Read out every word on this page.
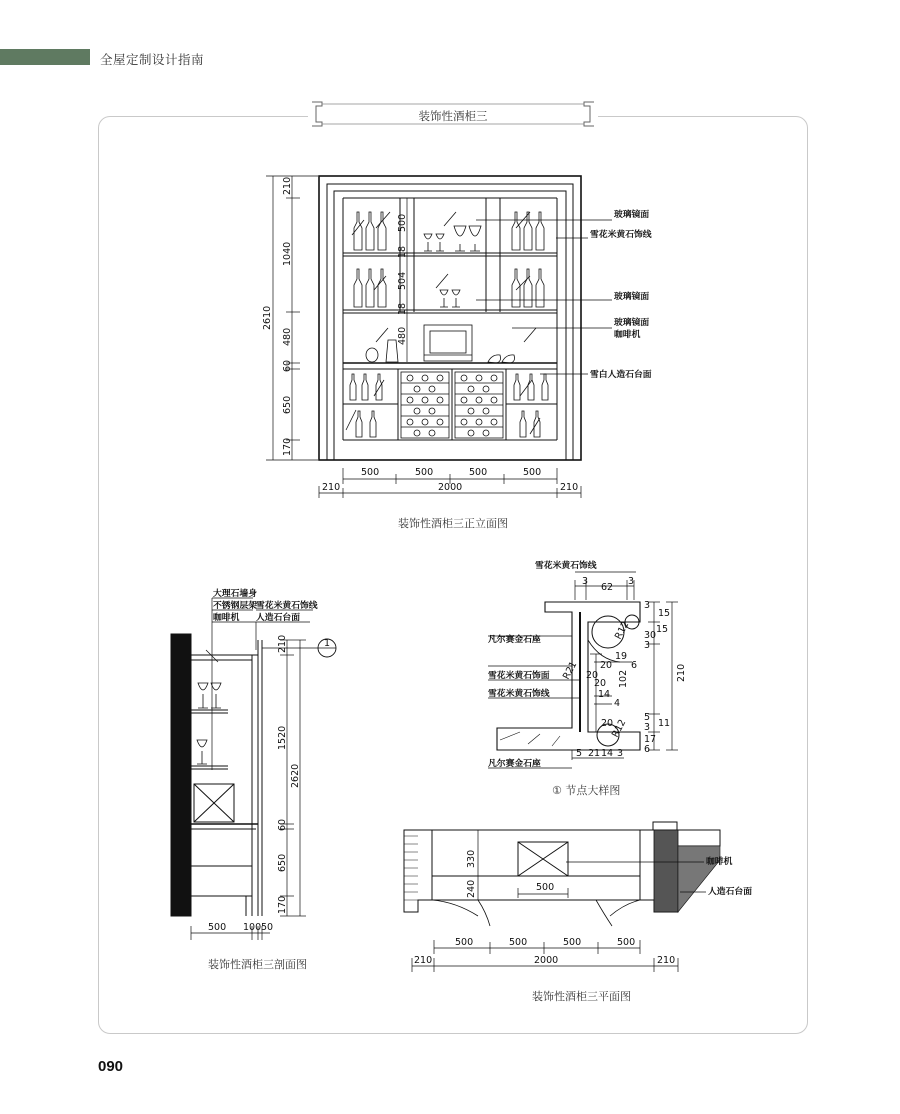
全屋定制设计指南
装饰性酒柜三
玻璃镜面
雪花米黄石饰线
玻璃镜面
玻璃镜面
咖啡机
雪白人造石台面
210
1040
480
60
650
170
2610
500
18
504
18
480
500	500	500	500
210	2000	210
大理石墙身
不锈钢层架 雪花米黄石饰线
咖啡机 人造石台面
1
210
1520
60
650
170
2620
500 100 50
雪花米黄石饰线
凡尔赛金石座
雪花米黄石饰面
雪花米黄石饰线
凡尔赛金石座
3
62
3
3
15
30
15
3
210
19
20
20
6
102
14
4
5
11
3
17
6
5 21 14 3
R21
R12
R12
20
20
咖啡机
人造石台面
330
240	500
500	500	500	500
210	2000	210
装饰性酒柜三正立面图
装饰性酒柜三剖面图
① 节点大样图
装饰性酒柜三平面图
090
